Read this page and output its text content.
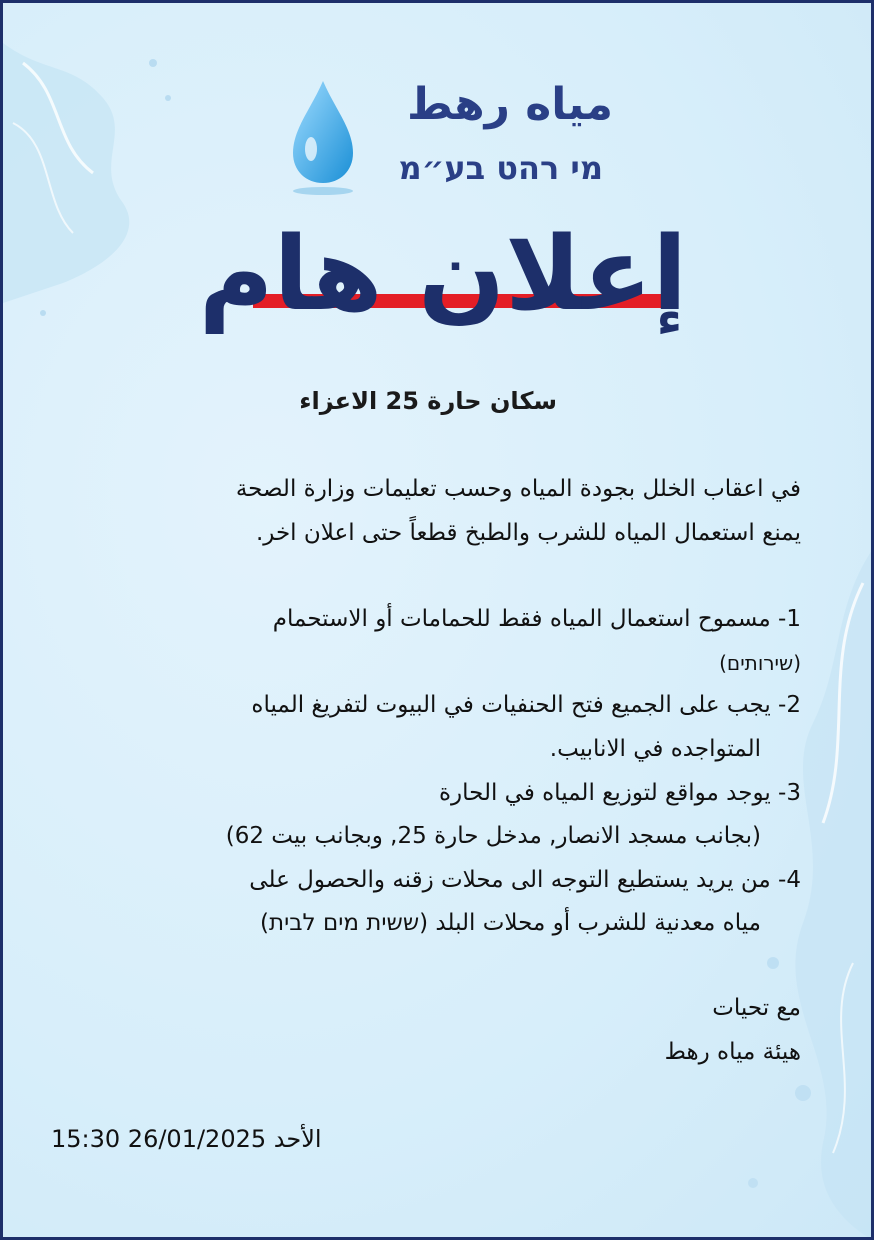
مياه رهط
מי רהט בע״מ
إعلان هام
سكان حارة 25 الاعزاء
في اعقاب الخلل بجودة المياه وحسب تعليمات وزارة الصحة
يمنع استعمال المياه للشرب والطبخ قطعاً حتى اعلان اخر.
1- مسموح استعمال المياه فقط للحمامات أو الاستحمام
(שירותים)
2- يجب على الجميع فتح الحنفيات في البيوت لتفريغ المياه
المتواجده في الانابيب.
3- يوجد مواقع لتوزيع المياه في الحارة
(بجانب مسجد الانصار, مدخل حارة 25, وبجانب بيت 62)
4- من يريد يستطيع التوجه الى محلات زقنه والحصول على
مياه معدنية للشرب أو محلات البلد (ששית מים לבית)
مع تحيات
هيئة مياه رهط
15:30 الأحد 26/01/2025
